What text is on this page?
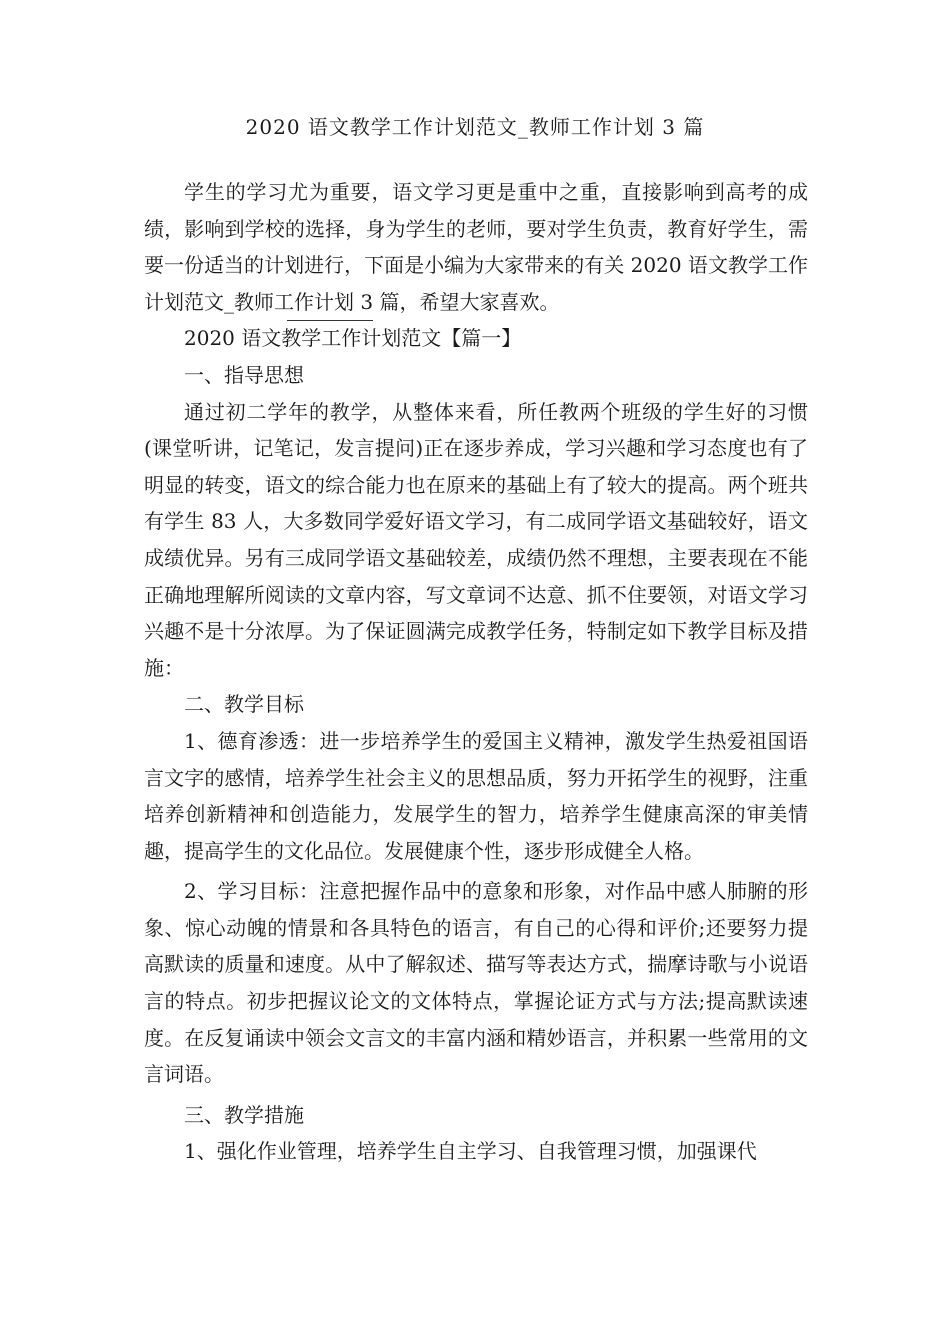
2020 语文教学工作计划范文_教师工作计划 3 篇

学生的学习尤为重要，语文学习更是重中之重，直接影响到高考的成绩，影响到学校的选择，身为学生的老师，要对学生负责，教育好学生，需要一份适当的计划进行，下面是小编为大家带来的有关 2020 语文教学工作计划范文_教师工作计划 3 篇，希望大家喜欢。

2020 语文教学工作计划范文【篇一】

一、指导思想

通过初二学年的教学，从整体来看，所任教两个班级的学生好的习惯(课堂听讲，记笔记，发言提问)正在逐步养成，学习兴趣和学习态度也有了明显的转变，语文的综合能力也在原来的基础上有了较大的提高。两个班共有学生 83 人，大多数同学爱好语文学习，有二成同学语文基础较好，语文成绩优异。另有三成同学语文基础较差，成绩仍然不理想，主要表现在不能正确地理解所阅读的文章内容，写文章词不达意、抓不住要领，对语文学习兴趣不是十分浓厚。为了保证圆满完成教学任务，特制定如下教学目标及措施：

二、教学目标

1、德育渗透：进一步培养学生的爱国主义精神，激发学生热爱祖国语言文字的感情，培养学生社会主义的思想品质，努力开拓学生的视野，注重培养创新精神和创造能力，发展学生的智力，培养学生健康高深的审美情趣，提高学生的文化品位。发展健康个性，逐步形成健全人格。

2、学习目标：注意把握作品中的意象和形象，对作品中感人肺腑的形象、惊心动魄的情景和各具特色的语言，有自己的心得和评价;还要努力提高默读的质量和速度。从中了解叙述、描写等表达方式，揣摩诗歌与小说语言的特点。初步把握议论文的文体特点，掌握论证方式与方法;提高默读速度。在反复诵读中领会文言文的丰富内涵和精妙语言，并积累一些常用的文言词语。

三、教学措施

1、强化作业管理，培养学生自主学习、自我管理习惯，加强课代
